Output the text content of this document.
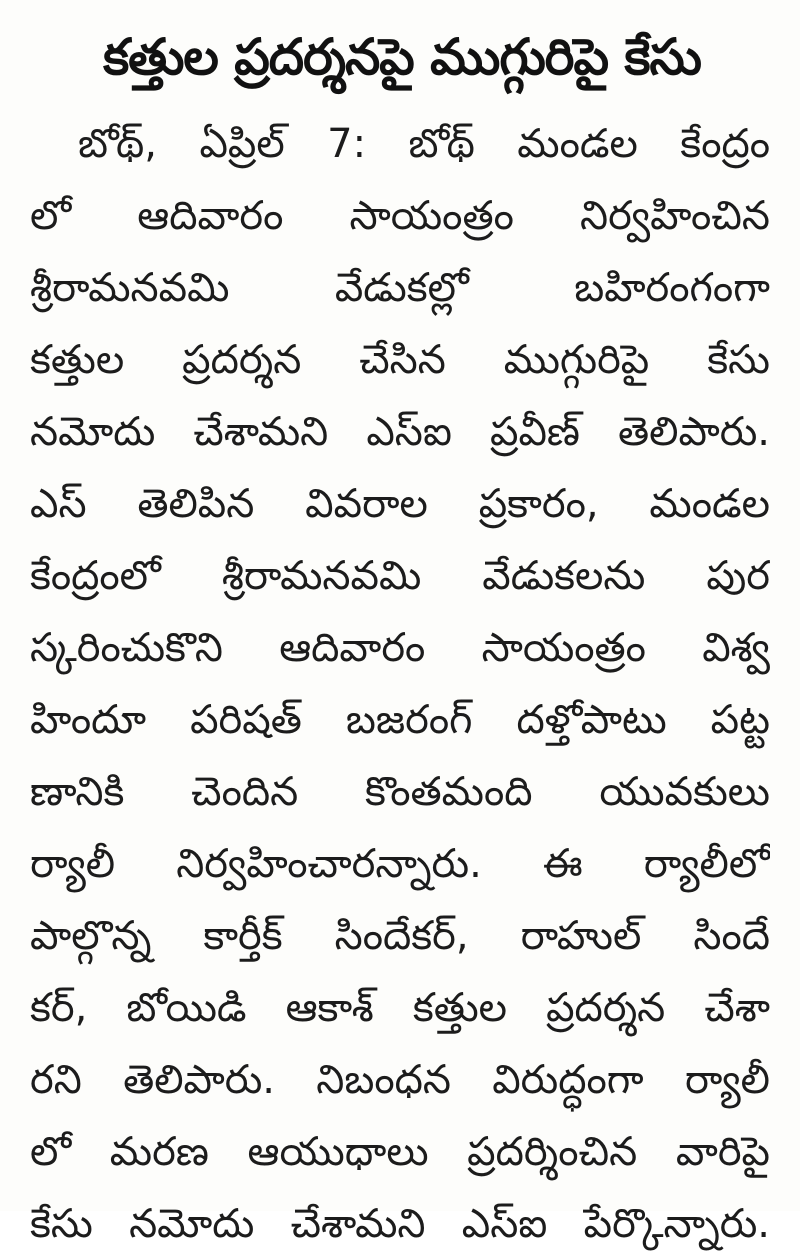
కత్తుల ప్రదర్శనపై ముగ్గురిపై కేసు
బోథ్, ఏప్రిల్ 7: బోథ్ మండల కేంద్రం
లో ఆదివారం సాయంత్రం నిర్వహించిన
శ్రీరామనవమి వేడుకల్లో బహిరంగంగా
కత్తుల ప్రదర్శన చేసిన ముగ్గురిపై కేసు
నమోదు చేశామని ఎస్ఐ ప్రవీణ్ తెలిపారు.
ఎస్ తెలిపిన వివరాల ప్రకారం, మండల
కేంద్రంలో శ్రీరామనవమి వేడుకలను పుర
స్కరించుకొని ఆదివారం సాయంత్రం విశ్వ
హిందూ పరిషత్ బజరంగ్ దళ్తోపాటు పట్ట
ణానికి చెందిన కొంతమంది యువకులు
ర్యాలీ నిర్వహించారన్నారు. ఈ ర్యాలీలో
పాల్గొన్న కార్తీక్ సిందేకర్, రాహుల్ సిందే
కర్, బోయిడి ఆకాశ్ కత్తుల ప్రదర్శన చేశా
రని తెలిపారు. నిబంధన విరుద్ధంగా ర్యాలీ
లో మరణ ఆయుధాలు ప్రదర్శించిన వారిపై
కేసు నమోదు చేశామని ఎస్ఐ పేర్కొన్నారు.
